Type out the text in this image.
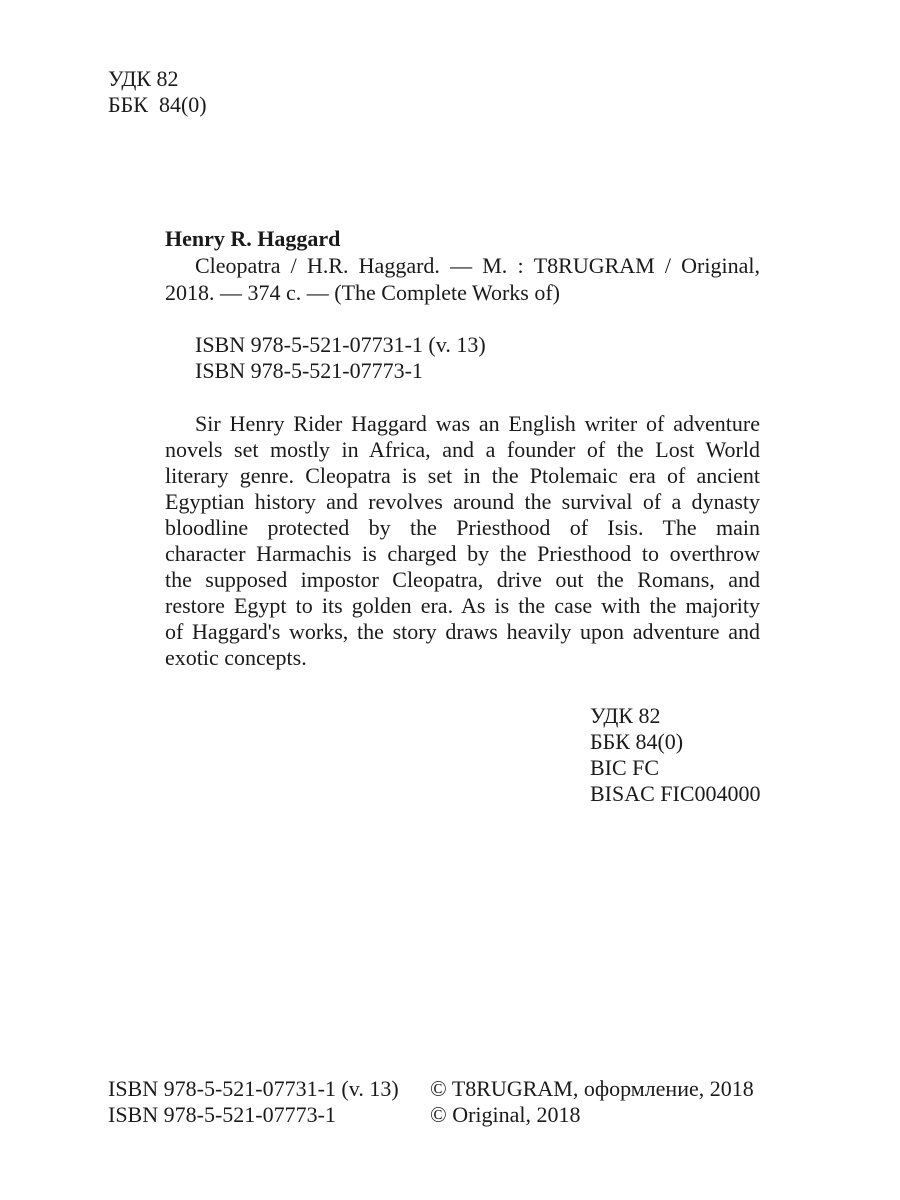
УДК 82
ББК  84(0)
Henry R. Haggard
Cleopatra / H.R. Haggard. — М. : T8RUGRAM / Original,
2018. — 374 с. — (The Complete Works of)
ISBN 978-5-521-07731-1 (v. 13)
ISBN 978-5-521-07773-1
Sir Henry Rider Haggard was an English writer of adventure
novels set mostly in Africa, and a founder of the Lost World
literary genre. Cleopatra is set in the Ptolemaic era of ancient
Egyptian history and revolves around the survival of a dynasty
bloodline protected by the Priesthood of Isis. The main
character Harmachis is charged by the Priesthood to overthrow
the supposed impostor Cleopatra, drive out the Romans, and
restore Egypt to its golden era. As is the case with the majority
of Haggard's works, the story draws heavily upon adventure and
exotic concepts.
УДК 82
ББК 84(0)
BIC FC
BISAC FIC004000
ISBN 978-5-521-07731-1 (v. 13)
ISBN 978-5-521-07773-1
© T8RUGRAM, оформление, 2018
© Original, 2018
